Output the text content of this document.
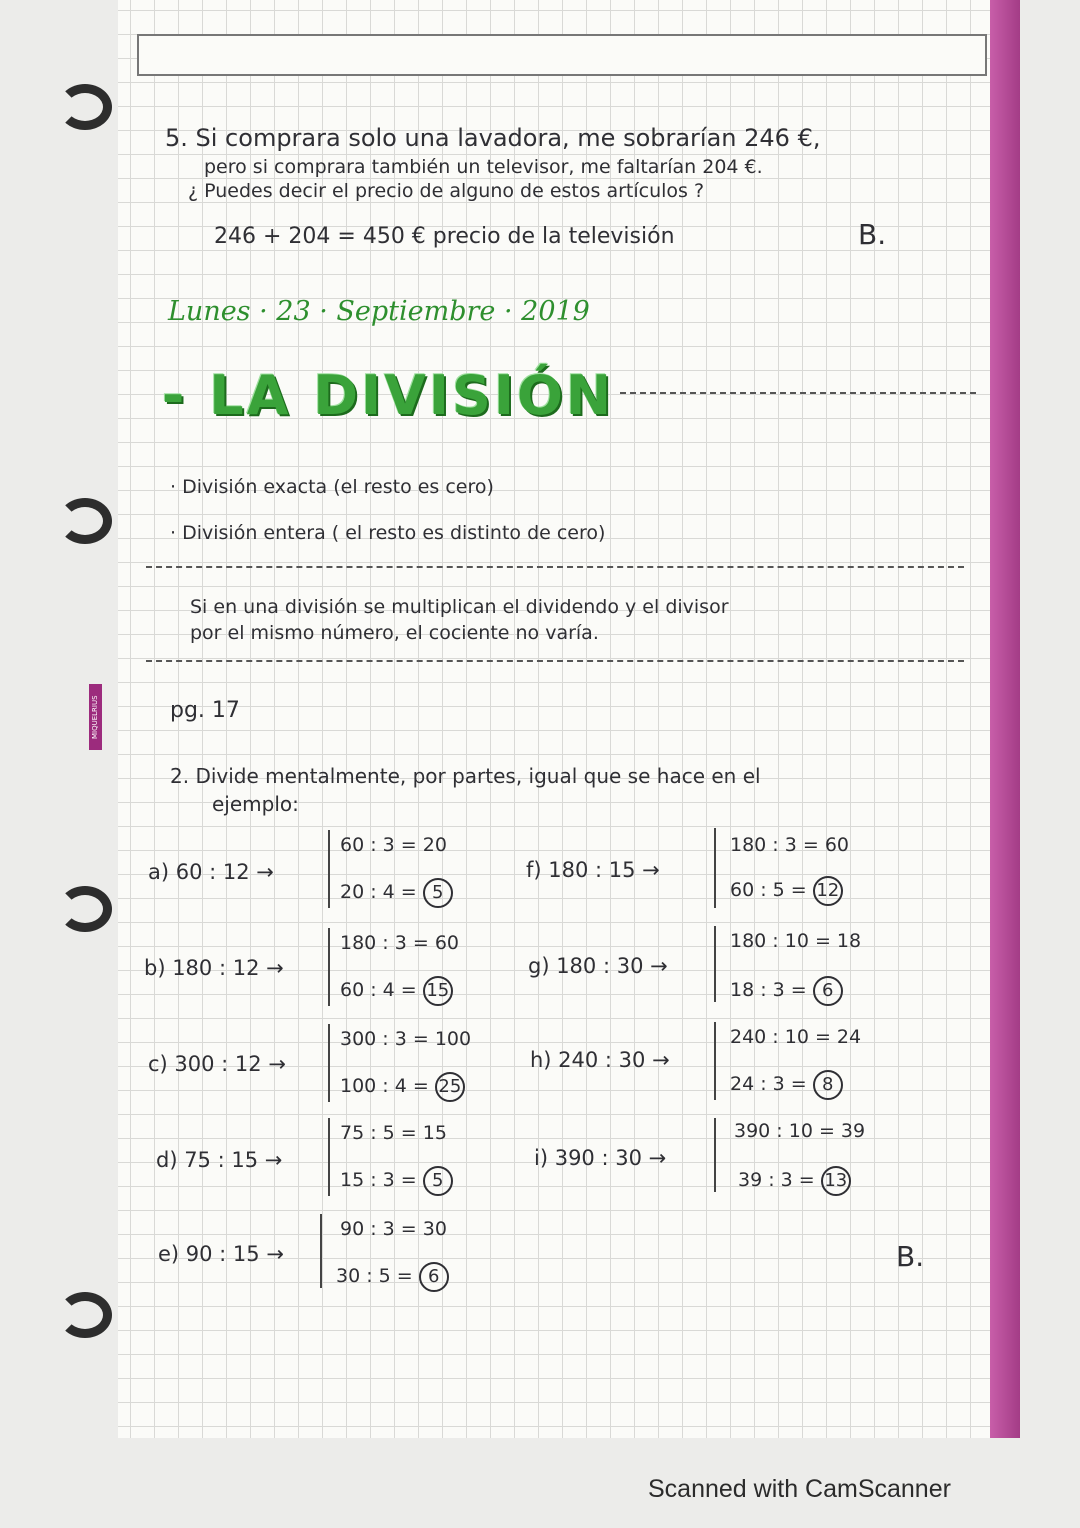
MIQUELRIUS
5. Si comprara solo una lavadora, me sobrarían 246 €,
pero si comprara también un televisor, me faltarían 204 €.
¿ Puedes decir el precio de alguno de estos artículos ?
246 + 204 = 450 € precio de la televisión	B.
Lunes · 23 · Septiembre · 2019
- LA DIVISIÓN
· División exacta (el resto es cero)
· División entera ( el resto es distinto de cero)
Si en una división se multiplican el dividendo y el divisor
por el mismo número, el cociente no varía.
pg. 17
2. Divide mentalmente, por partes, igual que se hace en el
ejemplo:
a) 60 : 12 →
60 : 3 = 20
20 : 4 = 5
b) 180 : 12 →
180 : 3 = 60
60 : 4 = 15
c) 300 : 12 →
300 : 3 = 100
100 : 4 = 25
d) 75 : 15 →
75 : 5 = 15
15 : 3 = 5
e) 90 : 15 →
90 : 3 = 30
30 : 5 = 6
f) 180 : 15 →
180 : 3 = 60
60 : 5 = 12
g) 180 : 30 →
180 : 10 = 18
18 : 3 = 6
h) 240 : 30 →
240 : 10 = 24
24 : 3 = 8
i) 390 : 30 →
390 : 10 = 39
39 : 3 = 13
B.
Scanned with CamScanner
